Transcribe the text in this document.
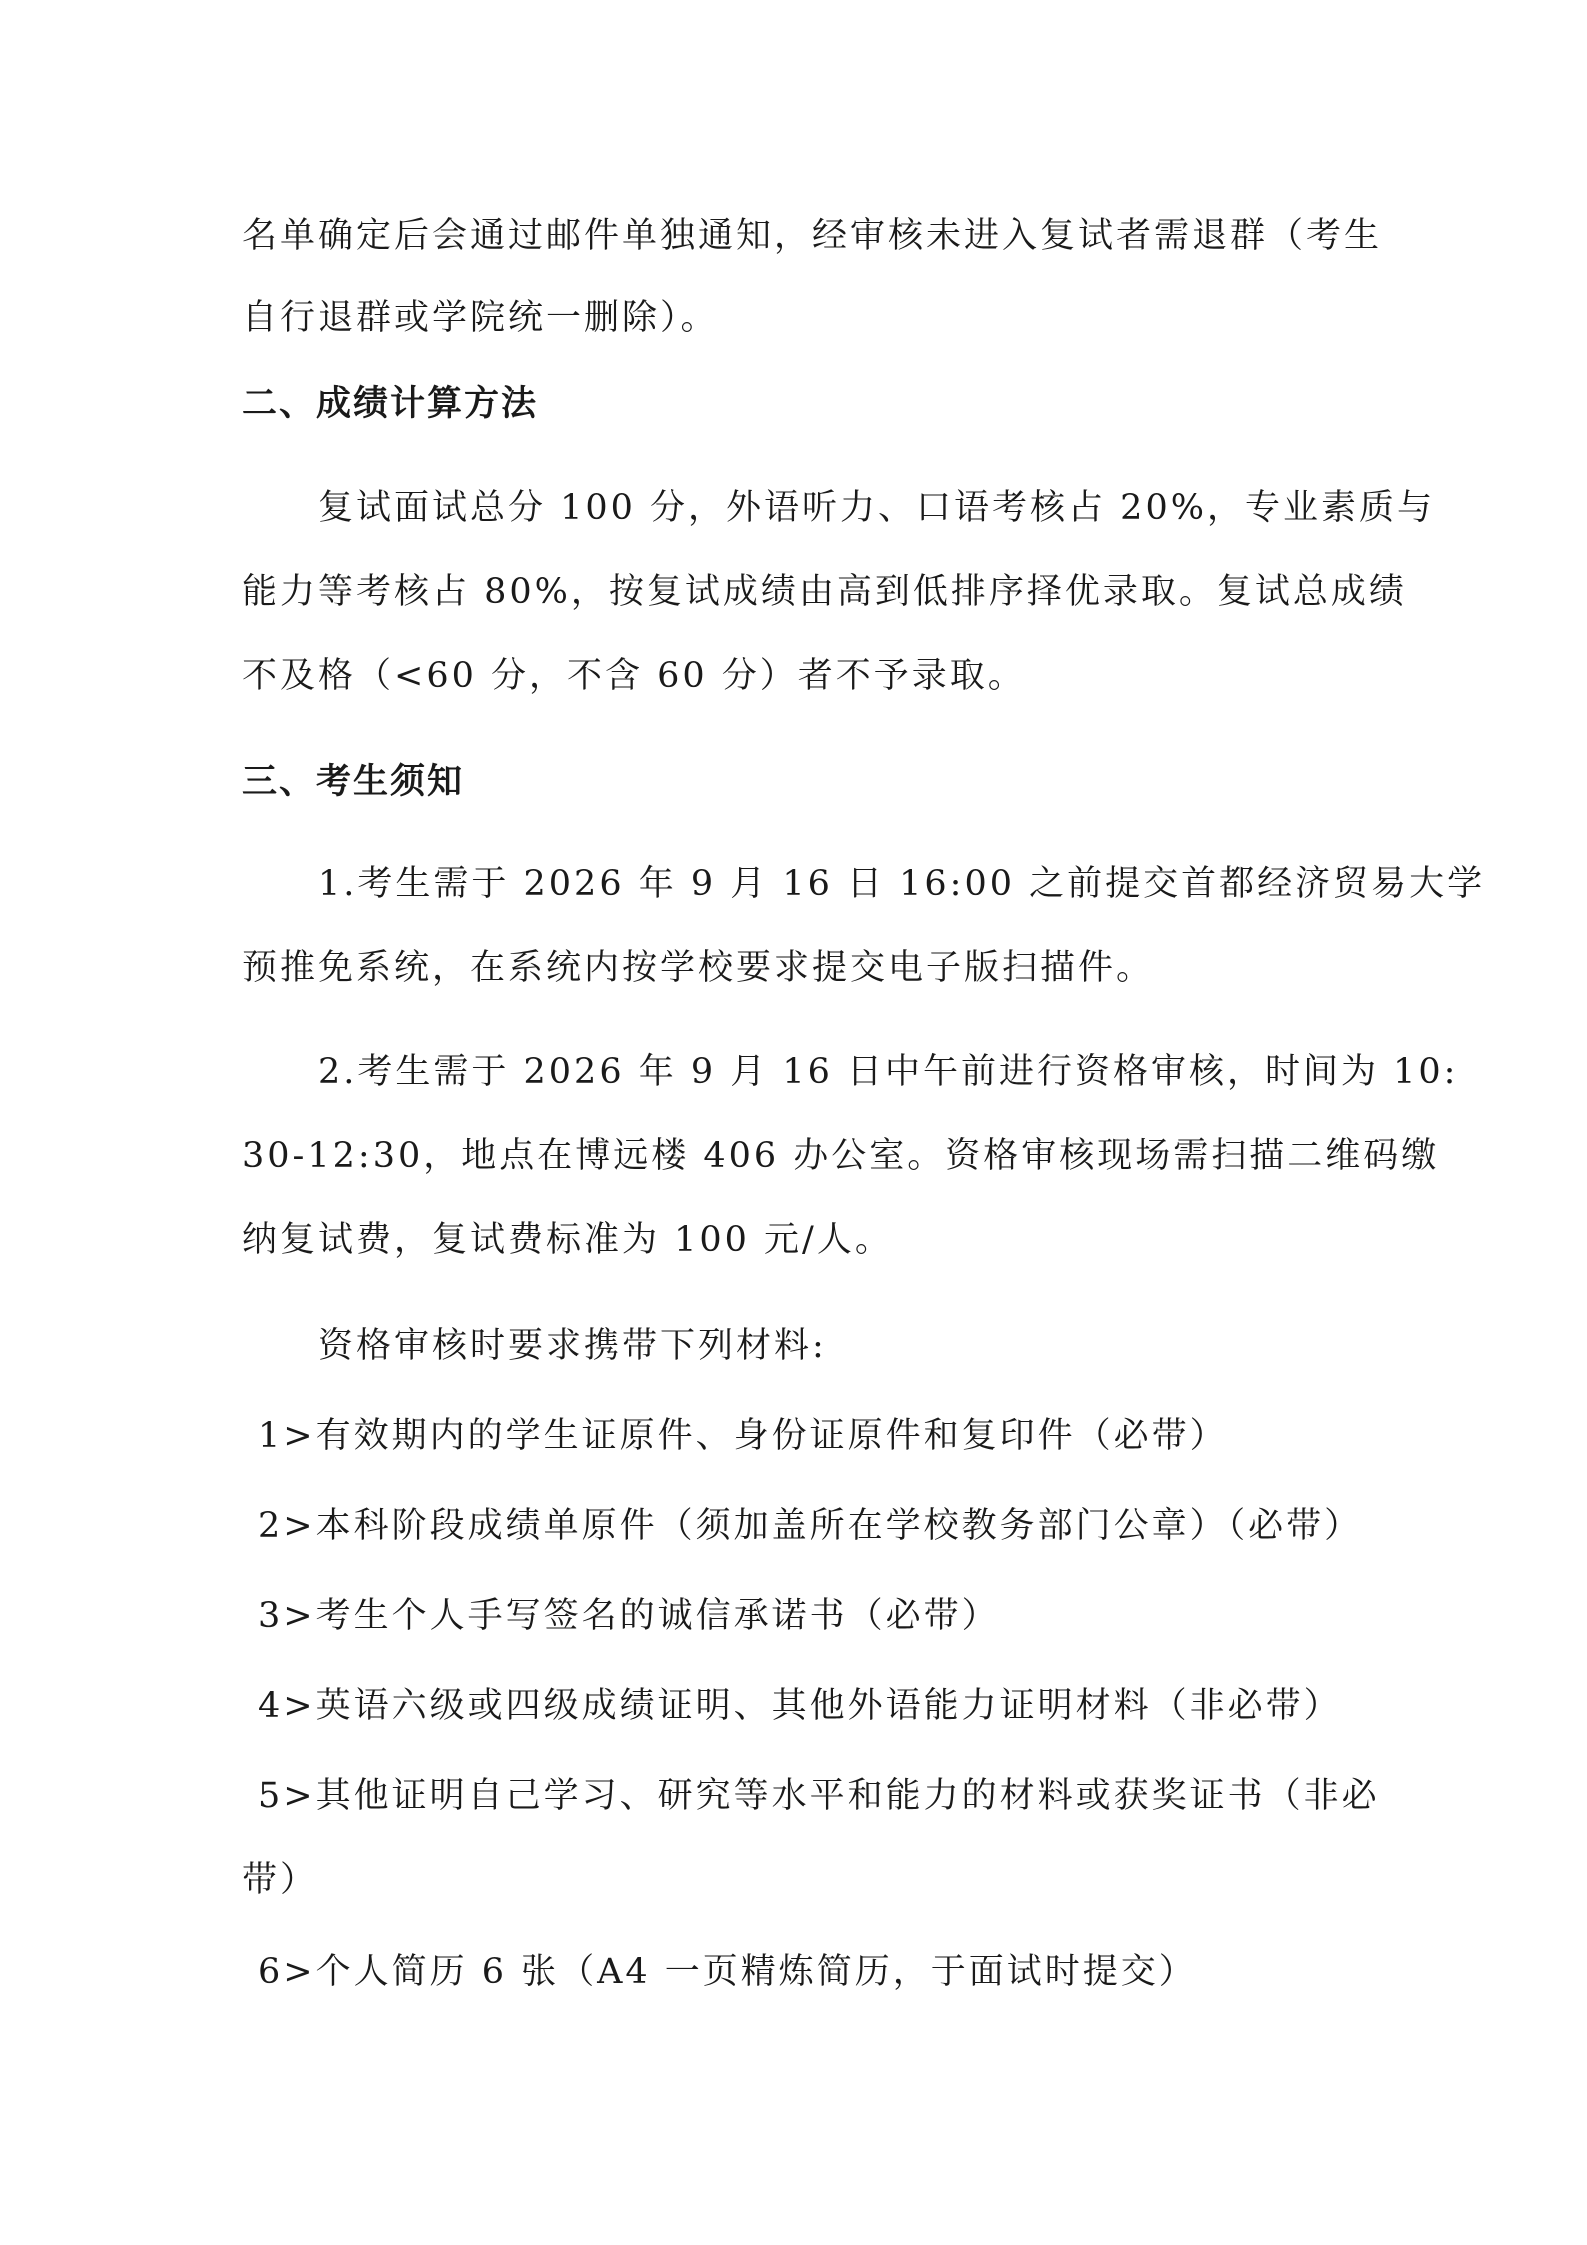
名单确定后会通过邮件单独通知，经审核未进入复试者需退群（考生
自行退群或学院统一删除）。
二、成绩计算方法
复试面试总分 100 分，外语听力、口语考核占 20%，专业素质与
能力等考核占 80%，按复试成绩由高到低排序择优录取。复试总成绩
不及格（<60 分，不含 60 分）者不予录取。
三、考生须知
1.考生需于 2026 年 9 月 16 日 16:00 之前提交首都经济贸易大学
预推免系统，在系统内按学校要求提交电子版扫描件。
2.考生需于 2026 年 9 月 16 日中午前进行资格审核，时间为 10:
30-12:30，地点在博远楼 406 办公室。资格审核现场需扫描二维码缴
纳复试费，复试费标准为 100 元/人。
资格审核时要求携带下列材料:
1>有效期内的学生证原件、身份证原件和复印件（必带）
2>本科阶段成绩单原件（须加盖所在学校教务部门公章）（必带）
3>考生个人手写签名的诚信承诺书（必带）
4>英语六级或四级成绩证明、其他外语能力证明材料（非必带）
5>其他证明自己学习、研究等水平和能力的材料或获奖证书（非必
带）
6>个人简历 6 张（A4 一页精炼简历，于面试时提交）
